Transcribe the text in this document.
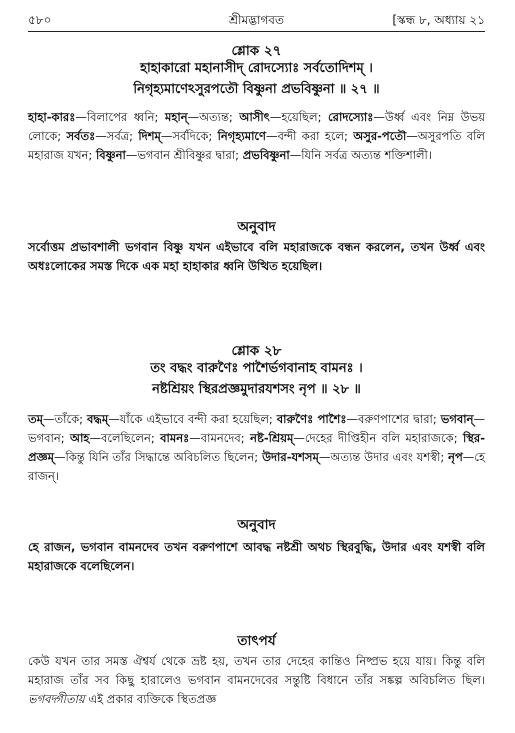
৫৮০	শ্রীমদ্ভাগবত	[স্কন্ধ ৮, অধ্যায় ২১
শ্লোক ২৭
হাহাকারো মহানাসীদ্‌ রোদস্যোঃ সর্বতোদিশম্‌ ।
নিগৃহ্যমাণেঽসুরপতৌ বিষ্ণুনা প্রভবিষ্ণুনা ॥ ২৭ ॥
হাহা-কারঃ—বিলাপের ধ্বনি; মহান্‌—অত্যন্ত; আসীৎ—হয়েছিল; রোদস্যোঃ—উর্ধ্ব এবং নিম্ন উভয় লোকে; সর্বতঃ—সর্বত্র; দিশম্‌—সর্বদিকে; নিগৃহ্যমাণে—বন্দী করা হলে; অসুর-পতৌ—অসুরপতি বলি মহারাজ যখন; বিষ্ণুনা—ভগবান শ্রীবিষ্ণুর দ্বারা; প্রভবিষ্ণুনা—যিনি সর্বত্র অত্যন্ত শক্তিশালী।
অনুবাদ
সর্বোত্তম প্রভাবশালী ভগবান বিষ্ণু যখন এইভাবে বলি মহারাজকে বন্ধন করলেন, তখন উর্ধ্ব এবং অধঃলোকের সমস্ত দিকে এক মহা হাহাকার ধ্বনি উত্থিত হয়েছিল।
শ্লোক ২৮
তং বদ্ধং বারুণৈঃ পাশৈর্ভগবানাহ বামনঃ ।
নষ্টশ্রিয়ং স্থিরপ্রজ্ঞমুদারযশসং নৃপ ॥ ২৮ ॥
তম্‌—তাঁকে; বদ্ধম্‌—যাঁকে এইভাবে বন্দী করা হয়েছিল; বারুণৈঃ পাশৈঃ—বরুণপাশের দ্বারা; ভগবান্‌—ভগবান; আহ—বলেছিলেন; বামনঃ—বামনদেব; নষ্ট-শ্রিয়ম্‌—দেহের দীপ্তিহীন বলি মহারাজকে; স্থির-প্রজ্ঞম্‌—কিন্তু যিনি তাঁর সিদ্ধান্তে অবিচলিত ছিলেন; উদার-যশসম্‌—অত্যন্ত উদার এবং যশস্বী; নৃপ—হে রাজন্‌।
অনুবাদ
হে রাজন, ভগবান বামনদেব তখন বরুণপাশে আবদ্ধ নষ্টশ্রী অথচ স্থিরবুদ্ধি, উদার এবং যশস্বী বলি মহারাজকে বলেছিলেন।
তাৎপর্য
কেউ যখন তার সমস্ত ঐশ্বর্য থেকে ভ্রষ্ট হয়, তখন তার দেহের কান্তিও নিষ্প্রভ হয়ে যায়। কিন্তু বলি মহারাজ তাঁর সব কিছু হারালেও ভগবান বামনদেবের সন্তুষ্টি বিধানে তাঁর সঙ্কল্প অবিচলিত ছিল। ভগবদ্গীতায় এই প্রকার ব্যক্তিকে স্থিতপ্রজ্ঞ
